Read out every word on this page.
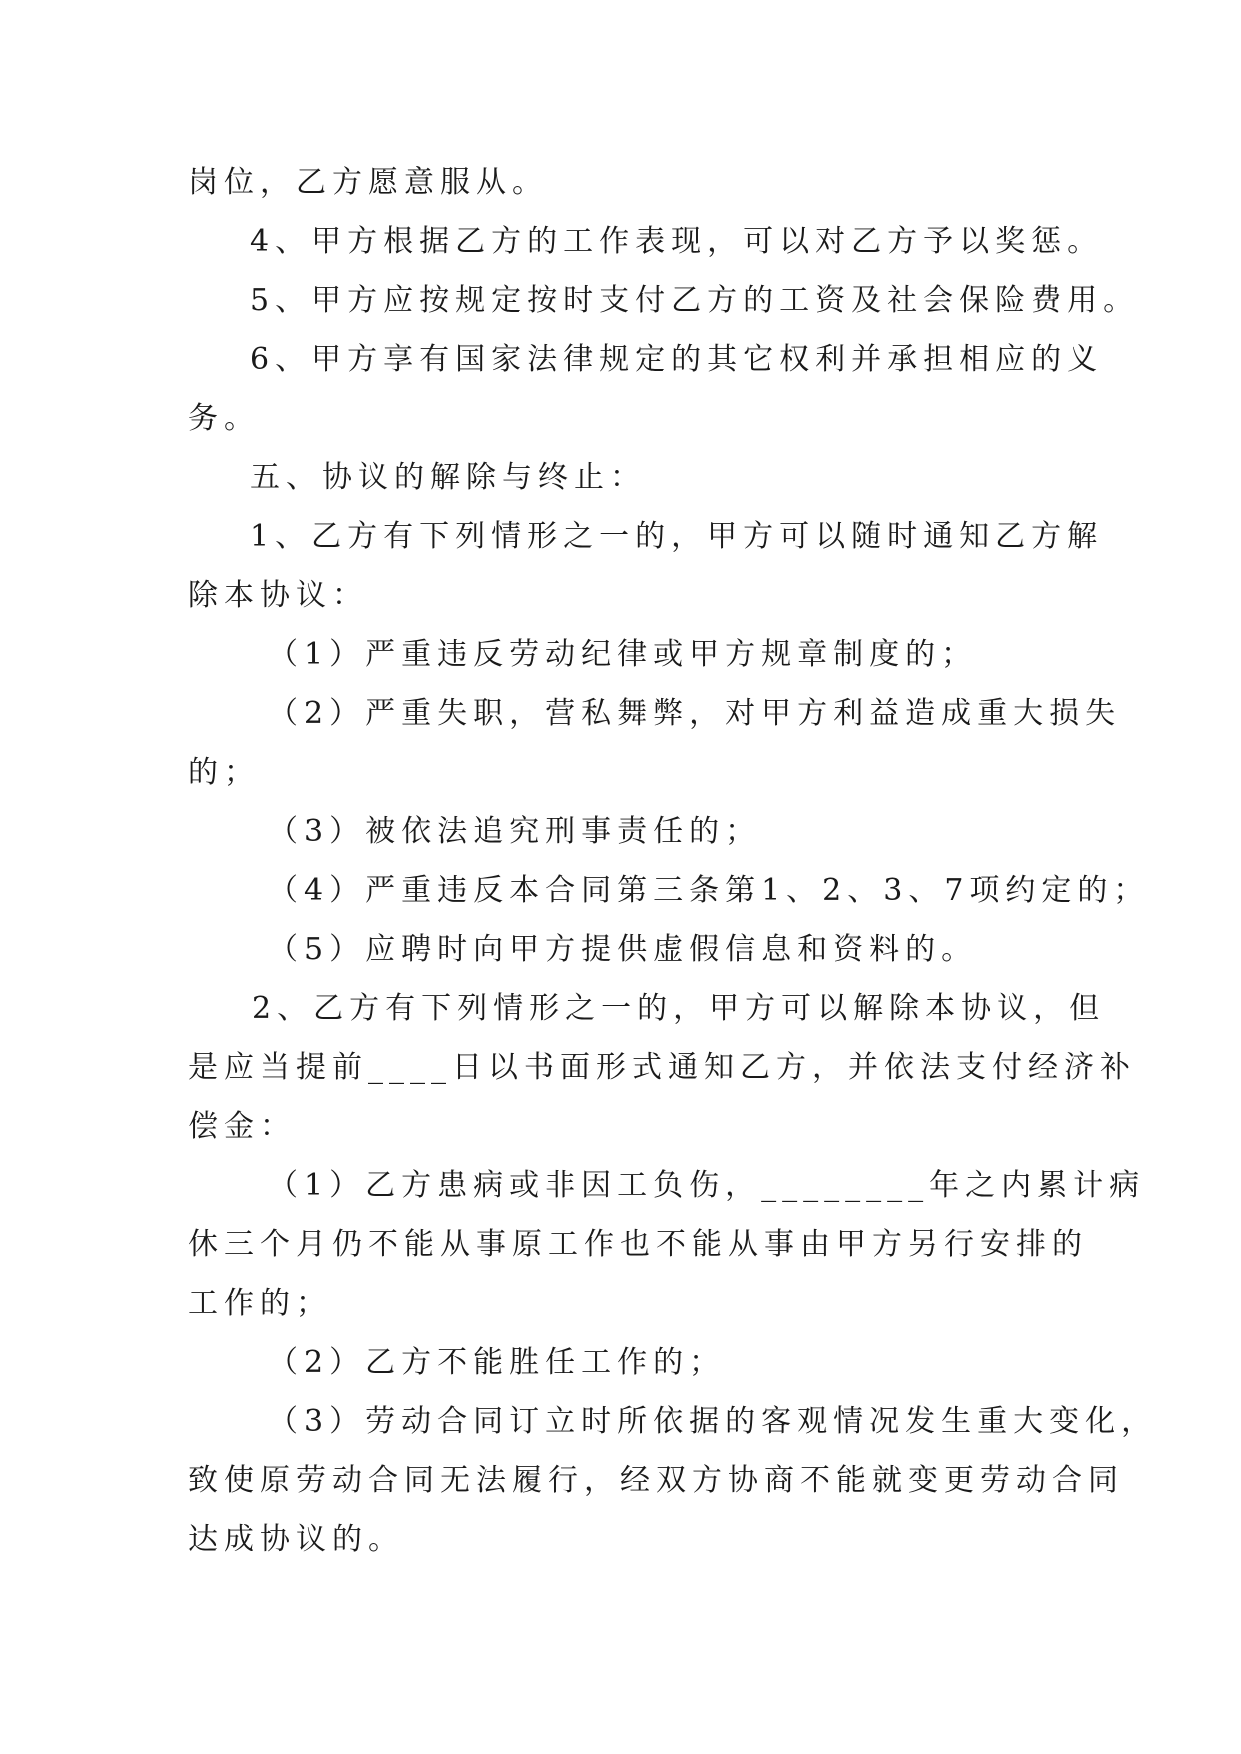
岗位，乙方愿意服从。
4、甲方根据乙方的工作表现，可以对乙方予以奖惩。
5、甲方应按规定按时支付乙方的工资及社会保险费用。
6、甲方享有国家法律规定的其它权利并承担相应的义
务。
五、协议的解除与终止：
1、乙方有下列情形之一的，甲方可以随时通知乙方解
除本协议：
（1）严重违反劳动纪律或甲方规章制度的；
（2）严重失职，营私舞弊，对甲方利益造成重大损失
的；
（3）被依法追究刑事责任的；
（4）严重违反本合同第三条第1、2、3、7项约定的；
（5）应聘时向甲方提供虚假信息和资料的。
2、乙方有下列情形之一的，甲方可以解除本协议，但
是应当提前____日以书面形式通知乙方，并依法支付经济补
偿金：
（1）乙方患病或非因工负伤，________年之内累计病
休三个月仍不能从事原工作也不能从事由甲方另行安排的
工作的；
（2）乙方不能胜任工作的；
（3）劳动合同订立时所依据的客观情况发生重大变化，
致使原劳动合同无法履行，经双方协商不能就变更劳动合同
达成协议的。
